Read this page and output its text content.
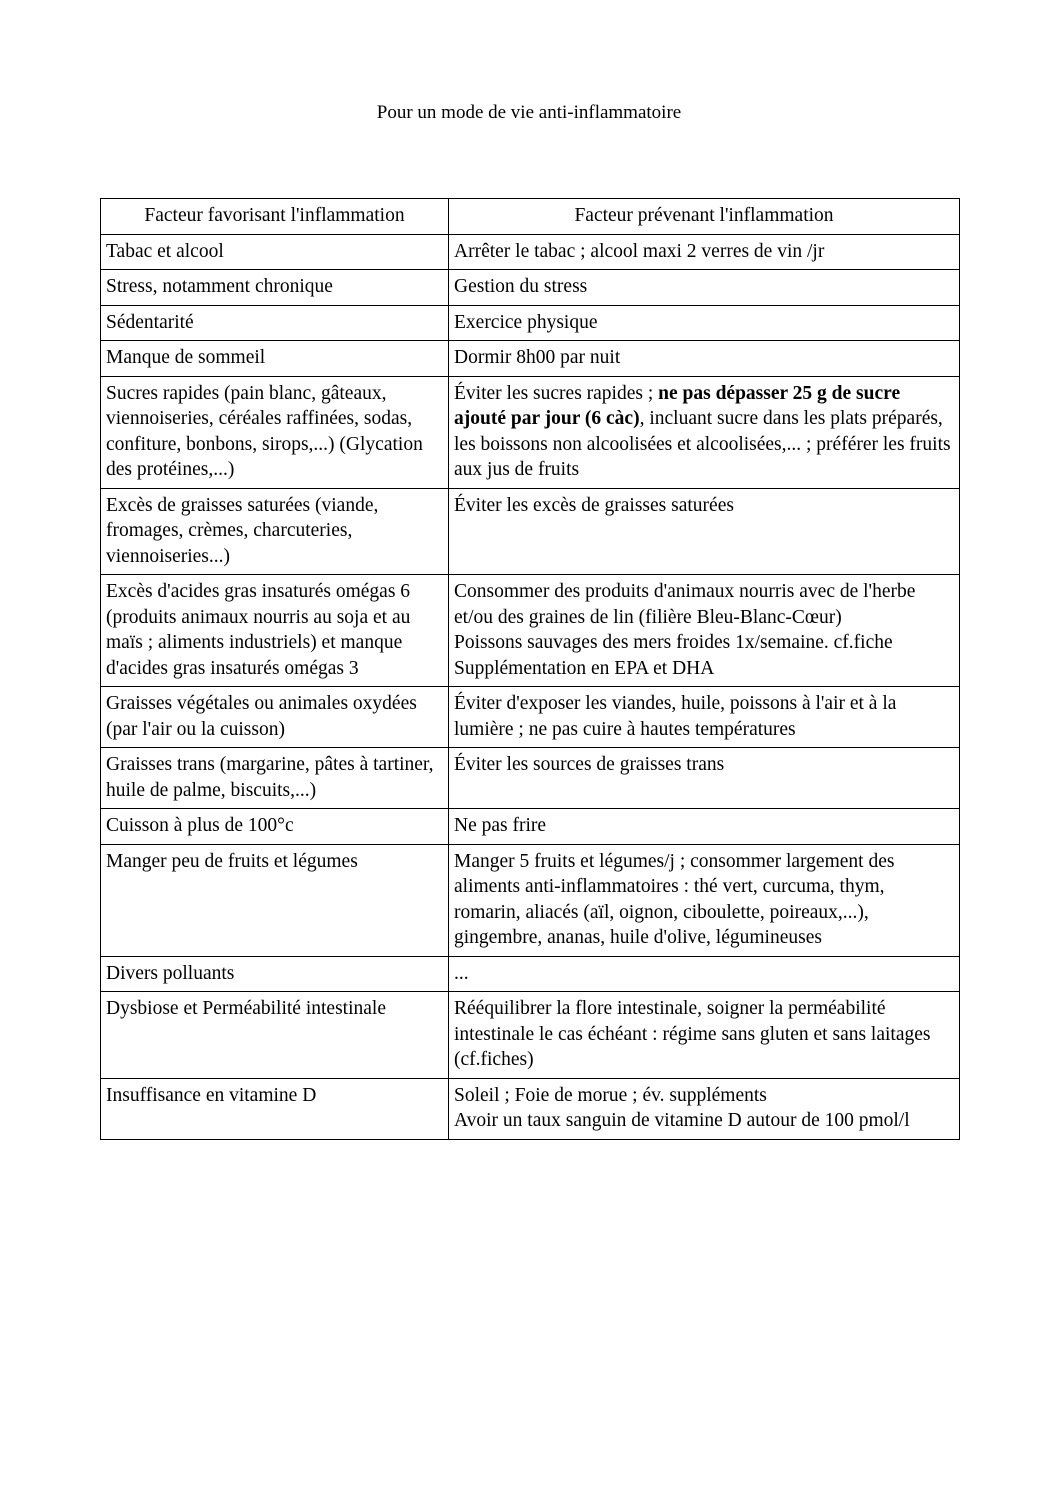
Pour un mode de vie anti-inflammatoire
Facteur favorisant l'inflammation	Facteur prévenant l'inflammation

Tabac et alcool	Arrêter le tabac ; alcool maxi 2 verres de vin /jr

Stress, notamment chronique	Gestion du stress

Sédentarité	Exercice physique

Manque de sommeil	Dormir 8h00 par nuit

Sucres rapides (pain blanc, gâteaux, viennoiseries, céréales raffinées, sodas, confiture, bonbons, sirops,...) (Glycation des protéines,...)	Éviter les sucres rapides ; ne pas dépasser 25 g de sucre ajouté par jour (6 càc), incluant sucre dans les plats préparés, les boissons non alcoolisées et alcoolisées,... ; préférer les fruits aux jus de fruits

Excès de graisses saturées (viande, fromages, crèmes, charcuteries, viennoiseries...)	Éviter les excès de graisses saturées

Excès d'acides gras insaturés omégas 6 (produits animaux nourris au soja et au maïs ; aliments industriels) et manque d'acides gras insaturés omégas 3	Consommer des produits d'animaux nourris avec de l'herbe et/ou des graines de lin (filière Bleu-Blanc-Cœur)
Poissons sauvages des mers froides 1x/semaine. cf.fiche
Supplémentation en EPA et DHA

Graisses végétales ou animales oxydées (par l'air ou la cuisson)	Éviter d'exposer les viandes, huile, poissons à l'air et à la lumière ; ne pas cuire à hautes températures

Graisses trans (margarine, pâtes à tartiner, huile de palme, biscuits,...)	Éviter les sources de graisses trans

Cuisson à plus de 100°c	Ne pas frire

Manger peu de fruits et légumes	Manger 5 fruits et légumes/j ; consommer largement des aliments anti-inflammatoires : thé vert, curcuma, thym, romarin, aliacés (aïl, oignon, ciboulette, poireaux,...), gingembre, ananas, huile d'olive, légumineuses

Divers polluants	...

Dysbiose et Perméabilité intestinale	Rééquilibrer la flore intestinale, soigner la perméabilité intestinale le cas échéant : régime sans gluten et sans laitages (cf.fiches)

Insuffisance en vitamine D	Soleil ; Foie de morue ; év. suppléments
Avoir un taux sanguin de vitamine D autour de 100 pmol/l
